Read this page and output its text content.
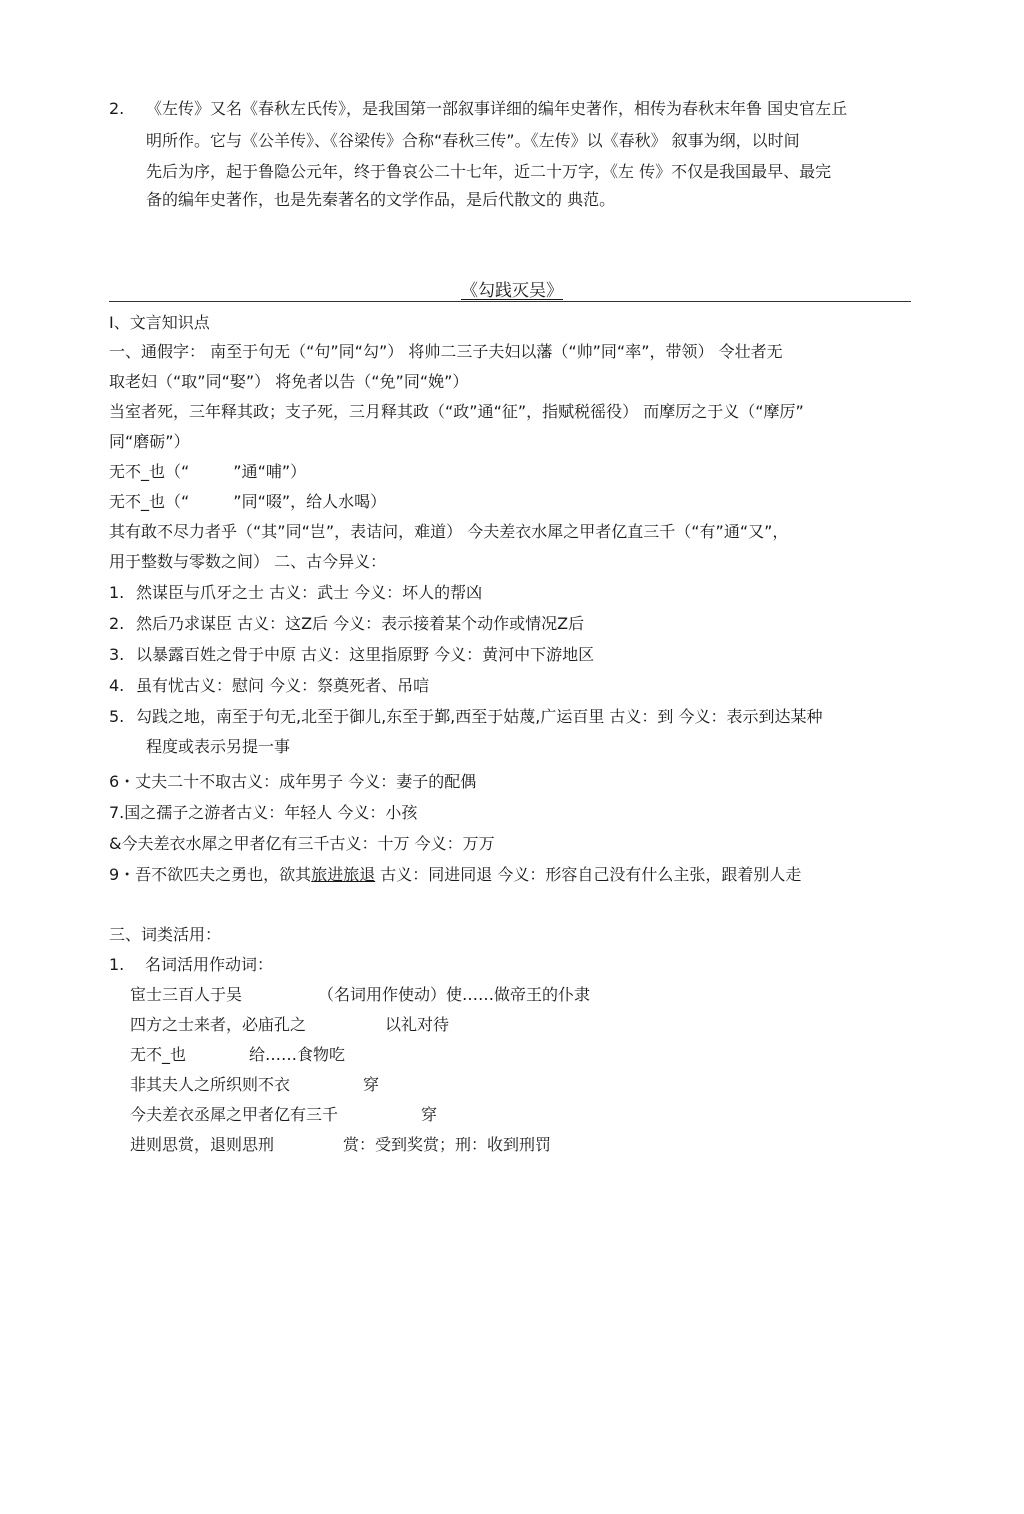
2. 《左传》又名《春秋左氏传》，是我国第一部叙事详细的编年史著作，相传为春秋末年鲁 国史官左丘
明所作。它与《公羊传》、《谷梁传》合称“春秋三传”。《左传》以《春秋》 叙事为纲，以时间
先后为序，起于鲁隐公元年，终于鲁哀公二十七年，近二十万字，《左 传》不仅是我国最早、最完
备的编年史著作，也是先秦著名的文学作品，是后代散文的 典范。
《勾践灭吴》
I、文言知识点
一、通假字： 南至于句无（“句”同“勾”） 将帅二三子夫妇以藩（“帅”同“率”，带领） 令壮者无
取老妇（“取”同“娶”） 将免者以告（“免”同“娩”）
当室者死，三年释其政；支子死，三月释其政（“政”通“征”，指赋税徭役） 而摩厉之于义（“摩厉”
同“磨砺”）
无不_也（“	”通“哺”）
无不_也（“	”同“啜”，给人水喝）
其有敢不尽力者乎（“其”同“岂”，表诘问，难道） 今夫差衣水犀之甲者亿直三千（“有”通“又”，
用于整数与零数之间） 二、古今异义：
1. 然谋臣与爪牙之士 古义：武士 今义：坏人的帮凶
2. 然后乃求谋臣 古义：这Z后 今义：表示接着某个动作或情况Z后
3. 以暴露百姓之骨于中原 古义：这里指原野 今义：黄河中下游地区
4. 虽有忧古义：慰问 今义：祭奠死者、吊唁
5. 勾践之地，南至于句无,北至于御儿,东至于鄞,西至于姑蔑,广运百里 古义：到 今义：表示到达某种
程度或表示另提一事
6・丈夫二十不取古义：成年男子 今义：妻子的配偶
7.国之孺子之游者古义：年轻人 今义：小孩
&今夫差衣水犀之甲者亿有三千古义：十万 今义：万万
9・吾不欲匹夫之勇也，欲其旅进旅退 古义：同进同退 今义：形容自己没有什么主张，跟着别人走
三、词类活用：
1. 名词活用作动词：
宦士三百人于吴	（名词用作使动）使……做帝王的仆隶
四方之士来者，必庙孔之	以礼对待
无不_也	给……食物吃
非其夫人之所织则不衣	穿
今夫差衣丞犀之甲者亿有三千	穿
进则思赏，退则思刑	赏：受到奖赏；刑：收到刑罚
